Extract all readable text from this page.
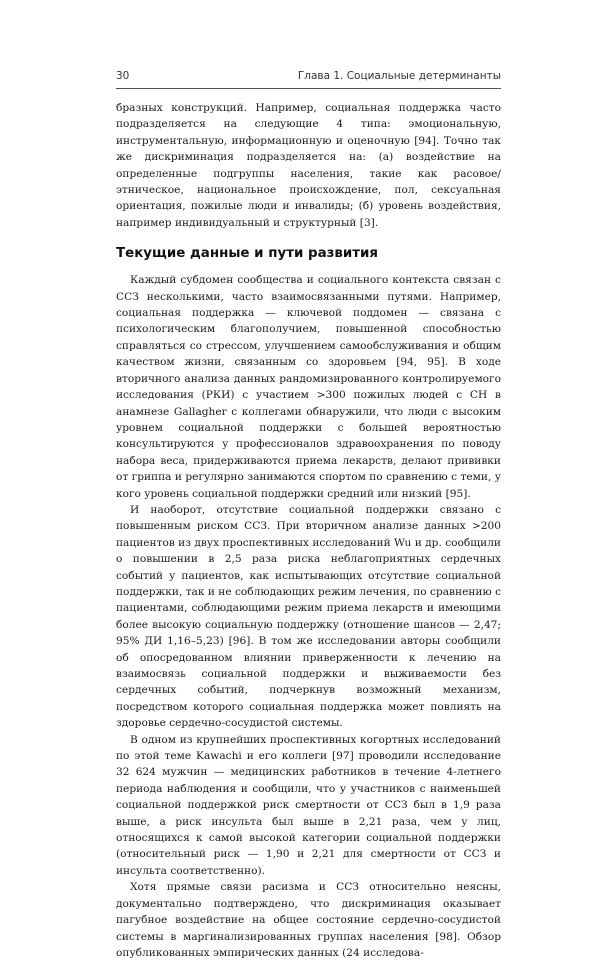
30	Глава 1. Социальные детерминанты

бразных конструкций. Например, социальная поддержка часто подразделяется на следующие 4 типа: эмоциональную, инструментальную, информационную и оценочную [94]. Точно так же дискриминация подразделяется на: (а) воздействие на определенные подгруппы населения, такие как расовое/этническое, национальное происхождение, пол, сексуальная ориентация, пожилые люди и инвалиды; (б) уровень воздействия, например индивидуальный и структурный [3].

Текущие данные и пути развития

Каждый субдомен сообщества и социального контекста связан с ССЗ несколькими, часто взаимосвязанными путями. Например, социальная поддержка — ключевой поддомен — связана с психологическим благополучием, повышенной способностью справляться со стрессом, улучшением самообслуживания и общим качеством жизни, связанным со здоровьем [94, 95]. В ходе вторичного анализа данных рандомизированного контролируемого исследования (РКИ) с участием >300 пожилых людей с СН в анамнезе Gallagher с коллегами обнаружили, что люди с высоким уровнем социальной поддержки с большей вероятностью консультируются у профессионалов здравоохранения по поводу набора веса, придерживаются приема лекарств, делают прививки от гриппа и регулярно занимаются спортом по сравнению с теми, у кого уровень социальной поддержки средний или низкий [95].

И наоборот, отсутствие социальной поддержки связано с повышенным риском ССЗ. При вторичном анализе данных >200 пациентов из двух проспективных исследований Wu и др. сообщили о повышении в 2,5 раза риска неблагоприятных сердечных событий у пациентов, как испытывающих отсутствие социальной поддержки, так и не соблюдающих режим лечения, по сравнению с пациентами, соблюдающими режим приема лекарств и имеющими более высокую социальную поддержку (отношение шансов — 2,47; 95% ДИ 1,16–5,23) [96]. В том же исследовании авторы сообщили об опосредованном влиянии приверженности к лечению на взаимосвязь социальной поддержки и выживаемости без сердечных событий, подчеркнув возможный механизм, посредством которого социальная поддержка может повлиять на здоровье сердечно-сосудистой системы.

В одном из крупнейших проспективных когортных исследований по этой теме Kawachi и его коллеги [97] проводили исследование 32 624 мужчин — медицинских работников в течение 4-летнего периода наблюдения и сообщили, что у участников с наименьшей социальной поддержкой риск смертности от ССЗ был в 1,9 раза выше, а риск инсульта был выше в 2,21 раза, чем у лиц, относящихся к самой высокой категории социальной поддержки (относительный риск — 1,90 и 2,21 для смертности от ССЗ и инсульта соответственно).

Хотя прямые связи расизма и ССЗ относительно неясны, документально подтверждено, что дискриминация оказывает пагубное воздействие на общее состояние сердечно-сосудистой системы в маргинализированных группах населения [98]. Обзор опубликованных эмпирических данных (24 исследова-
